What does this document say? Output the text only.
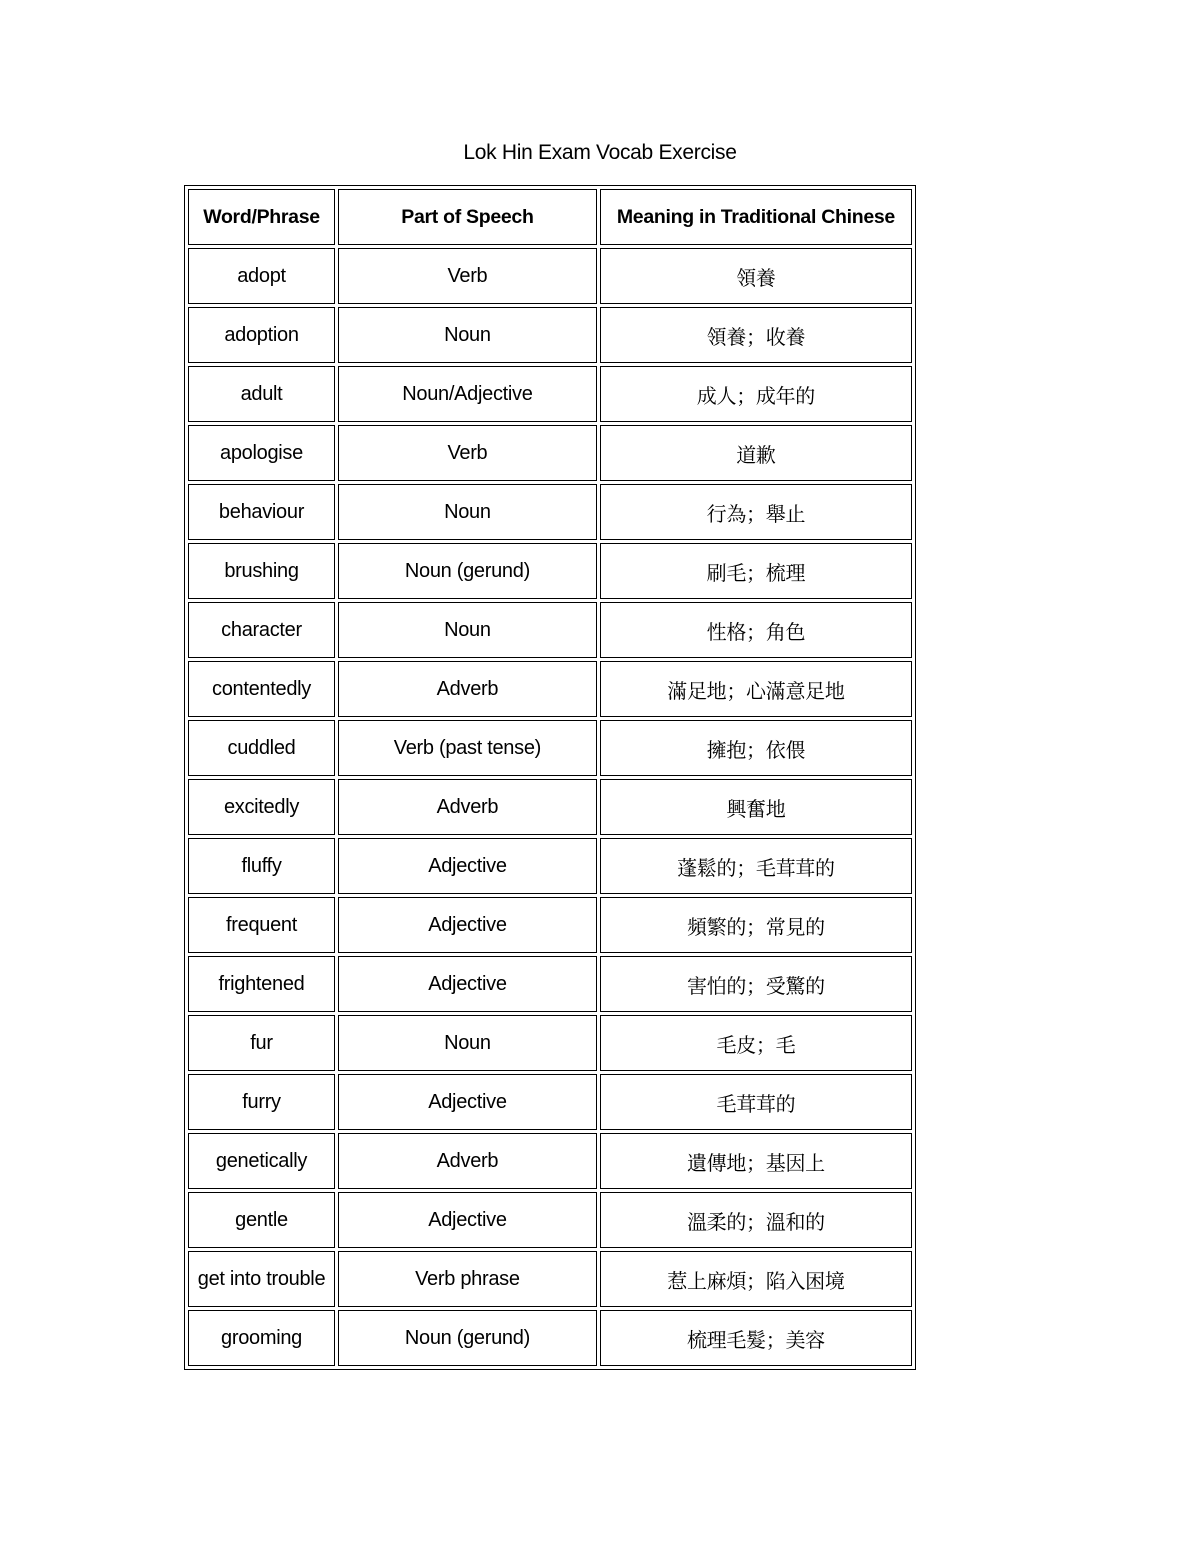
Lok Hin Exam Vocab Exercise
Word/Phrase	Part of Speech	Meaning in Traditional Chinese
adopt	Verb	領養
adoption	Noun	領養；收養
adult	Noun/Adjective	成人；成年的
apologise	Verb	道歉
behaviour	Noun	行為；舉止
brushing	Noun (gerund)	刷毛；梳理
character	Noun	性格；角色
contentedly	Adverb	滿足地；心滿意足地
cuddled	Verb (past tense)	擁抱；依偎
excitedly	Adverb	興奮地
fluffy	Adjective	蓬鬆的；毛茸茸的
frequent	Adjective	頻繁的；常見的
frightened	Adjective	害怕的；受驚的
fur	Noun	毛皮；毛
furry	Adjective	毛茸茸的
genetically	Adverb	遺傳地；基因上
gentle	Adjective	溫柔的；溫和的
get into trouble	Verb phrase	惹上麻煩；陷入困境
grooming	Noun (gerund)	梳理毛髮；美容
